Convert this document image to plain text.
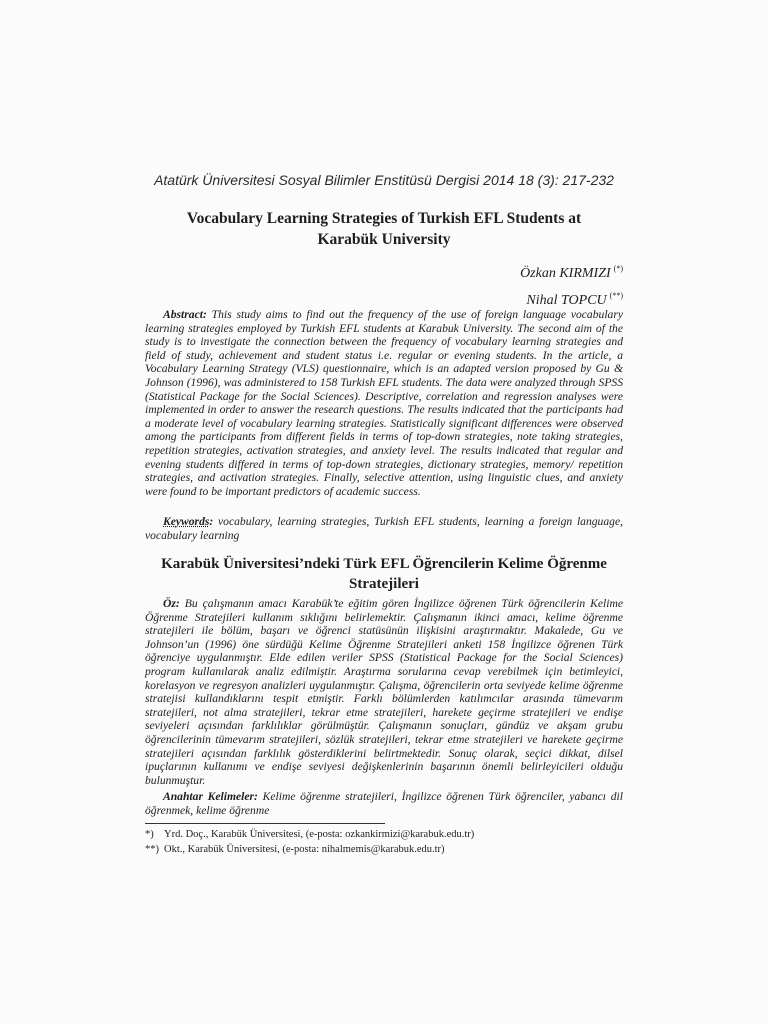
Atatürk Üniversitesi Sosyal Bilimler Enstitüsü Dergisi 2014 18 (3): 217-232
Vocabulary Learning Strategies of Turkish EFL Students at
Karabük University
Özkan KIRMIZI (*)
Nihal TOPCU (**)

Abstract: This study aims to find out the frequency of the use of foreign language vocabulary learning strategies employed by Turkish EFL students at Karabuk University. The second aim of the study is to investigate the connection between the frequency of vocabulary learning strategies and field of study, achievement and student status i.e. regular or evening students. In the article, a Vocabulary Learning Strategy (VLS) questionnaire, which is an adapted version proposed by Gu & Johnson (1996), was administered to 158 Turkish EFL students. The data were analyzed through SPSS (Statistical Package for the Social Sciences). Descriptive, correlation and regression analyses were implemented in order to answer the research questions. The results indicated that the participants had a moderate level of vocabulary learning strategies. Statistically significant differences were observed among the participants from different fields in terms of top-down strategies, note taking strategies, repetition strategies, activation strategies, and anxiety level. The results indicated that regular and evening students differed in terms of top-down strategies, dictionary strategies, memory/ repetition strategies, and activation strategies. Finally, selective attention, using linguistic clues, and anxiety were found to be important predictors of academic success.

Keywords: vocabulary, learning strategies, Turkish EFL students, learning a foreign language, vocabulary learning

Karabük Üniversitesi’ndeki Türk EFL Öğrencilerin Kelime Öğrenme
Stratejileri

Öz: Bu çalışmanın amacı Karabük’te eğitim gören İngilizce öğrenen Türk öğrencilerin Kelime Öğrenme Stratejileri kullanım sıklığını belirlemektir. Çalışmanın ikinci amacı, kelime öğrenme stratejileri ile bölüm, başarı ve öğrenci statüsünün ilişkisini araştırmaktır. Makalede, Gu ve Johnson’un (1996) öne sürdüğü Kelime Öğrenme Stratejileri anketi 158 İngilizce öğrenen Türk öğrenciye uygulanmıştır. Elde edilen veriler SPSS (Statistical Package for the Social Sciences) program kullanılarak analiz edilmiştir. Araştırma sorularına cevap verebilmek için betimleyici, korelasyon ve regresyon analizleri uygulanmıştır. Çalışma, öğrencilerin orta seviyede kelime öğrenme stratejisi kullandıklarını tespit etmiştir. Farklı bölümlerden katılımcılar arasında tümevarım stratejileri, not alma stratejileri, tekrar etme stratejileri, harekete geçirme stratejileri ve endişe seviyeleri açısından farklılıklar görülmüştür. Çalışmanın sonuçları, gündüz ve akşam grubu öğrencilerinin tümevarım stratejileri, sözlük stratejileri, tekrar etme stratejileri ve harekete geçirme stratejileri açısından farklılık gösterdiklerini belirtmektedir. Sonuç olarak, seçici dikkat, dilsel ipuçlarının kullanımı ve endişe seviyesi değişkenlerinin başarının önemli belirleyicileri olduğu bulunmuştur.

Anahtar Kelimeler: Kelime öğrenme stratejileri, İngilizce öğrenen Türk öğrenciler, yabancı dil öğrenmek, kelime öğrenme

*) Yrd. Doç., Karabük Üniversitesi, (e-posta: ozkankirmizi@karabuk.edu.tr)
**) Okt., Karabük Üniversitesi, (e-posta: nihalmemis@karabuk.edu.tr)
